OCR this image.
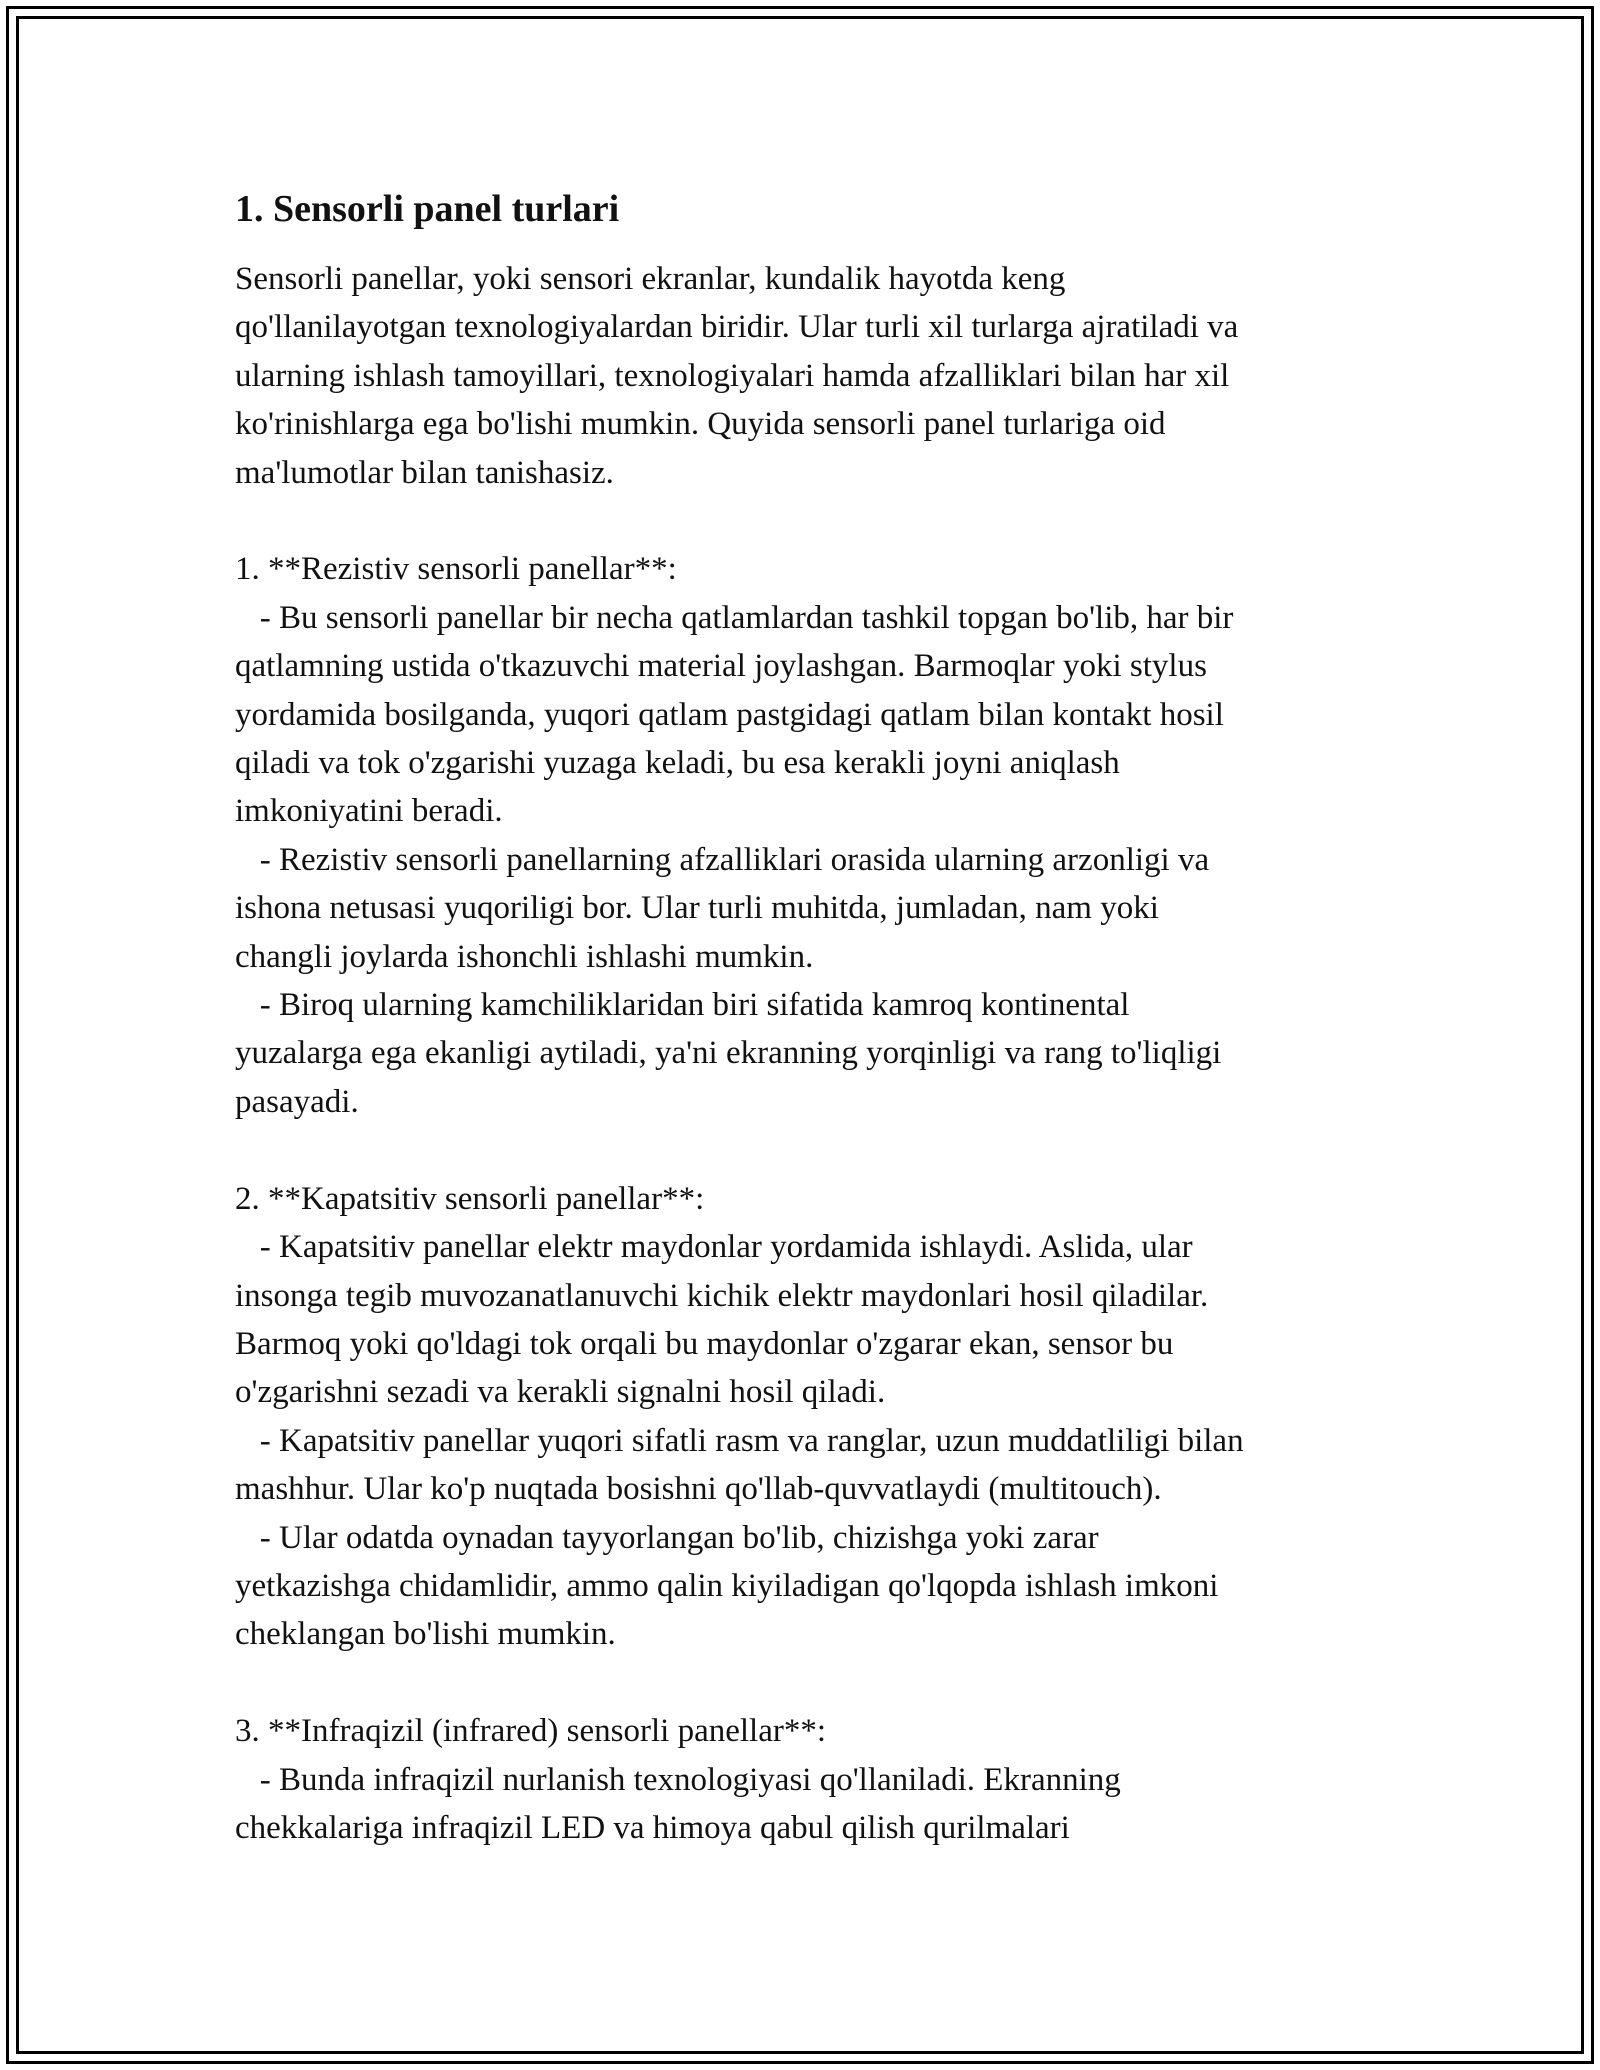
1. Sensorli panel turlari
Sensorli panellar, yoki sensori ekranlar, kundalik hayotda keng
qo'llanilayotgan texnologiyalardan biridir. Ular turli xil turlarga ajratiladi va
ularning ishlash tamoyillari, texnologiyalari hamda afzalliklari bilan har xil
ko'rinishlarga ega bo'lishi mumkin. Quyida sensorli panel turlariga oid
ma'lumotlar bilan tanishasiz.
1. **Rezistiv sensorli panellar**:
- Bu sensorli panellar bir necha qatlamlardan tashkil topgan bo'lib, har bir
qatlamning ustida o'tkazuvchi material joylashgan. Barmoqlar yoki stylus
yordamida bosilganda, yuqori qatlam pastgidagi qatlam bilan kontakt hosil
qiladi va tok o'zgarishi yuzaga keladi, bu esa kerakli joyni aniqlash
imkoniyatini beradi.
- Rezistiv sensorli panellarning afzalliklari orasida ularning arzonligi va
ishona netusasi yuqoriligi bor. Ular turli muhitda, jumladan, nam yoki
changli joylarda ishonchli ishlashi mumkin.
- Biroq ularning kamchiliklaridan biri sifatida kamroq kontinental
yuzalarga ega ekanligi aytiladi, ya'ni ekranning yorqinligi va rang to'liqligi
pasayadi.
2. **Kapatsitiv sensorli panellar**:
- Kapatsitiv panellar elektr maydonlar yordamida ishlaydi. Aslida, ular
insonga tegib muvozanatlanuvchi kichik elektr maydonlari hosil qiladilar.
Barmoq yoki qo'ldagi tok orqali bu maydonlar o'zgarar ekan, sensor bu
o'zgarishni sezadi va kerakli signalni hosil qiladi.
- Kapatsitiv panellar yuqori sifatli rasm va ranglar, uzun muddatliligi bilan
mashhur. Ular ko'p nuqtada bosishni qo'llab-quvvatlaydi (multitouch).
- Ular odatda oynadan tayyorlangan bo'lib, chizishga yoki zarar
yetkazishga chidamlidir, ammo qalin kiyiladigan qo'lqopda ishlash imkoni
cheklangan bo'lishi mumkin.
3. **Infraqizil (infrared) sensorli panellar**:
- Bunda infraqizil nurlanish texnologiyasi qo'llaniladi. Ekranning
chekkalariga infraqizil LED va himoya qabul qilish qurilmalari
